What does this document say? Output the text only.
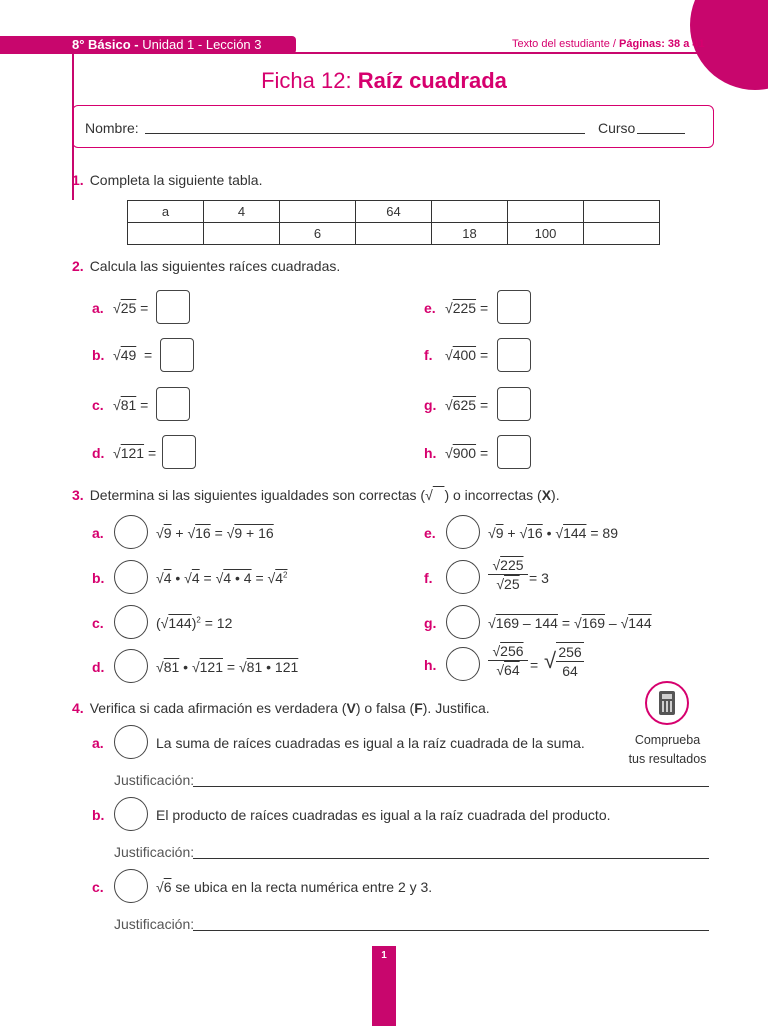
8° Básico - Unidad 1 - Lección 3	Texto del estudiante / Páginas: 38 a 41
Ficha 12: Raíz cuadrada
Nombre:	Curso
1. Completa la siguiente tabla.
a	4		64			
		6		18	100	
2. Calcula las siguientes raíces cuadradas.
a. √25 =
b. √49 =
c. √81 =
d. √121 =
e. √225 =
f. √400 =
g. √625 =
h. √900 =
3. Determina si las siguientes igualdades son correctas (√ ) o incorrectas (X).
a.	√9 + √16 = √9 + 16
b.	√4 • √4 = √4 • $4 = √4^2$
c.	$(√144)^2 = 12$
d.	√81 • √121 = √81 • 121
e.	√9 + √16 • √144 = 89
f.	$\frac{√225}{√25} = 3$
g.	√169 – 144 = √169 – √144
h.	$\frac{√256}{√64}$ = √ $\frac{256}{64}$
4. Verifica si cada afirmación es verdadera (V) o falsa (F). Justifica.
Comprueba
tus resultados
a.	La suma de raíces cuadradas es igual a la raíz cuadrada de la suma.
Justificación:
b.	El producto de raíces cuadradas es igual a la raíz cuadrada del producto.
Justificación:
c.	√6 se ubica en la recta numérica entre 2 y 3.
Justificación:
1
